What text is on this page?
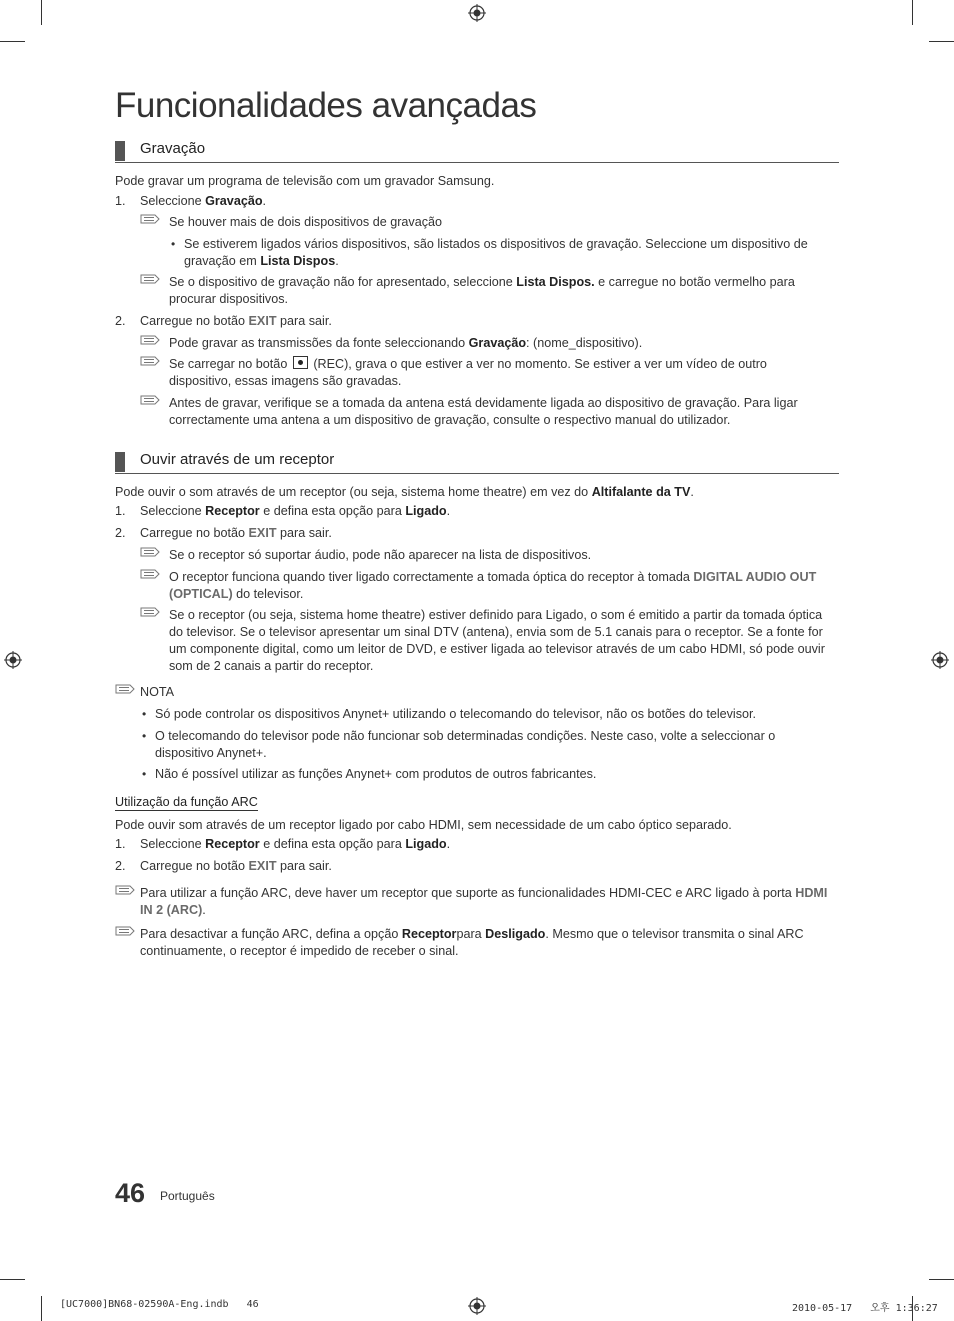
Funcionalidades avançadas
Gravação

Pode gravar um programa de televisão com um gravador Samsung.

1. Seleccione Gravação.

Se houver mais de dois dispositivos de gravação

• Se estiverem ligados vários dispositivos, são listados os dispositivos de gravação. Seleccione um dispositivo de gravação em Lista Dispos.

Se o dispositivo de gravação não for apresentado, seleccione Lista Dispos. e carregue no botão vermelho para procurar dispositivos.

2. Carregue no botão EXIT para sair.

Pode gravar as transmissões da fonte seleccionando Gravação: (nome_dispositivo).

Se carregar no botão  (REC), grava o que estiver a ver no momento. Se estiver a ver um vídeo de outro dispositivo, essas imagens são gravadas.

Antes de gravar, verifique se a tomada da antena está devidamente ligada ao dispositivo de gravação. Para ligar correctamente uma antena a um dispositivo de gravação, consulte o respectivo manual do utilizador.

Ouvir através de um receptor

Pode ouvir o som através de um receptor (ou seja, sistema home theatre) em vez do Altifalante da TV.

1. Seleccione Receptor e defina esta opção para Ligado.

2. Carregue no botão EXIT para sair.

Se o receptor só suportar áudio, pode não aparecer na lista de dispositivos.

O receptor funciona quando tiver ligado correctamente a tomada óptica do receptor à tomada DIGITAL AUDIO OUT (OPTICAL) do televisor.

Se o receptor (ou seja, sistema home theatre) estiver definido para Ligado, o som é emitido a partir da tomada óptica do televisor. Se o televisor apresentar um sinal DTV (antena), envia som de 5.1 canais para o receptor. Se a fonte for um componente digital, como um leitor de DVD, e estiver ligada ao televisor através de um cabo HDMI, só pode ouvir som de 2 canais a partir do receptor.

NOTA

• Só pode controlar os dispositivos Anynet+ utilizando o telecomando do televisor, não os botões do televisor.

• O telecomando do televisor pode não funcionar sob determinadas condições. Neste caso, volte a seleccionar o dispositivo Anynet+.

• Não é possível utilizar as funções Anynet+ com produtos de outros fabricantes.

Utilização da função ARC

Pode ouvir som através de um receptor ligado por cabo HDMI, sem necessidade de um cabo óptico separado.

1. Seleccione Receptor e defina esta opção para Ligado.

2. Carregue no botão EXIT para sair.

Para utilizar a função ARC, deve haver um receptor que suporte as funcionalidades HDMI-CEC e ARC ligado à porta HDMI IN 2 (ARC).

Para desactivar a função ARC, defina a opção Receptorpara Desligado. Mesmo que o televisor transmita o sinal ARC continuamente, o receptor é impedido de receber o sinal.

46 Português
[UC7000]BN68-02590A-Eng.indb   46	2010-05-17   오후 1:36:27
